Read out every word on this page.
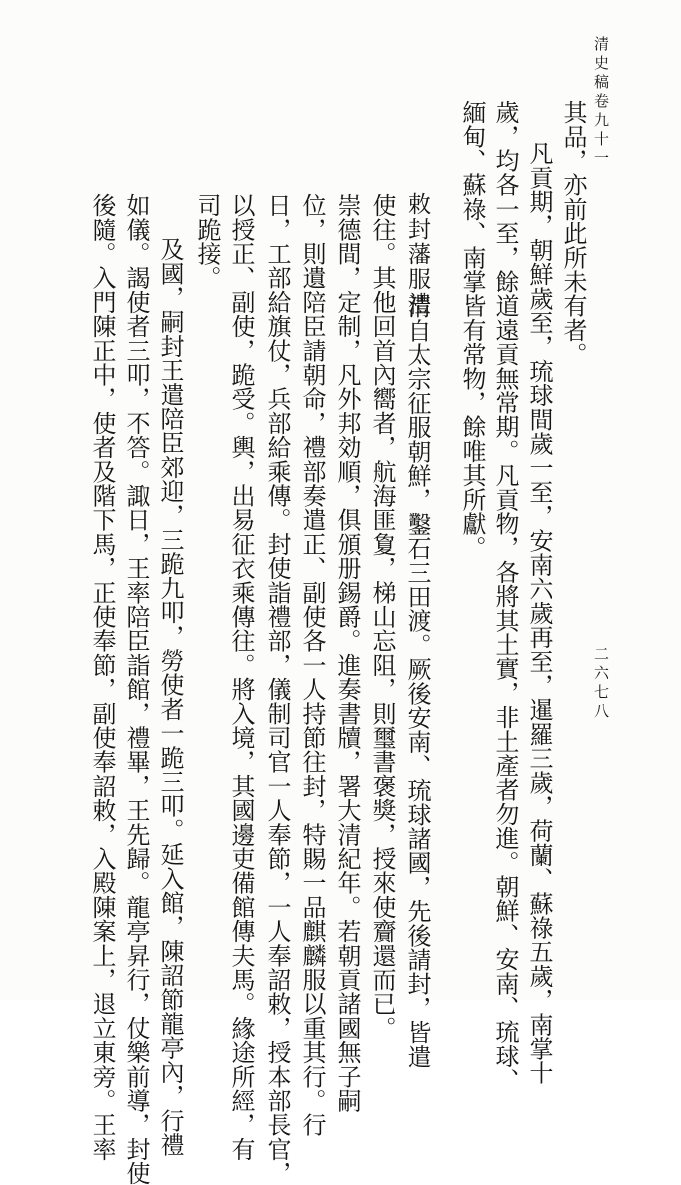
清史稿卷九十一
二六七八
敕封藩服禮	其品，亦前此所未有者。
凡貢期，朝鮮歲至，琉球間歲一至，安南六歲再至，暹羅三歲，荷蘭、蘇祿五歲，南掌十
歲，均各一至，餘道遠貢無常期。凡貢物，各將其土實，非土產者勿進。朝鮮、安南、琉球、
緬甸、蘇祿、南掌皆有常物，餘唯其所獻。
清自太宗征服朝鮮，鑿石三田渡。厥後安南、琉球諸國，先後請封，皆遣
使往。其他回首內嚮者，航海匪夐，梯山忘阻，則璽書褒獎，授來使齎還而已。
崇德間，定制，凡外邦効順，俱頒册錫爵。進奏書牘，署大清紀年。若朝貢諸國無子嗣
位，則遺陪臣請朝命，禮部奏遣正、副使各一人持節往封，特賜一品麒麟服以重其行。行
日，工部給旗仗，兵部給乘傳。封使詣禮部，儀制司官一人奉節，一人奉詔敕，授本部長官，
以授正、副使，跪受。輿，出易征衣乘傳往。將入境，其國邊吏備館傳夫馬。緣途所經，有
司跪接。
及國，嗣封王遣陪臣郊迎，三跪九叩，勞使者一跪三叩。延入館，陳詔節龍亭內，行禮
如儀。謁使者三叩，不答。諏日，王率陪臣詣館，禮畢，王先歸。龍亭昇行，仗樂前導，封使
後隨。入門陳正中，使者及階下馬，正使奉節，副使奉詔敕，入殿陳案上，退立東旁。王率
